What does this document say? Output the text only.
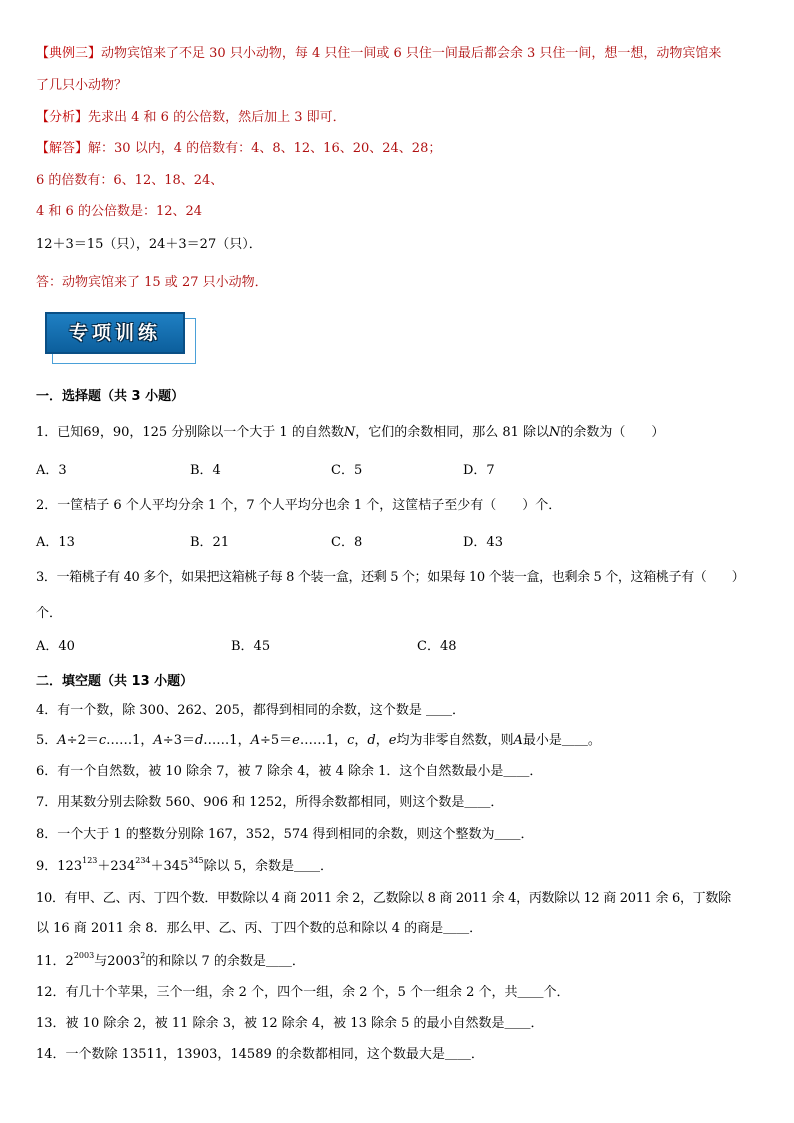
【典例三】动物宾馆来了不足 30 只小动物，每 4 只住一间或 6 只住一间最后都会余 3 只住一间，想一想，动物宾馆来
了几只小动物？
【分析】先求出 4 和 6 的公倍数，然后加上 3 即可．
【解答】解：30 以内，4 的倍数有：4、8、12、16、20、24、28；
6 的倍数有：6、12、18、24、
4 和 6 的公倍数是：12、24
12＋3＝15（只），24＋3＝27（只）．
答：动物宾馆来了 15 或 27 只小动物．
专项训练
一．选择题（共 3 小题）
1．已知69，90，125 分别除以一个大于 1 的自然数N，它们的余数相同，那么 81 除以N的余数为（　　）
A．3	B．4	C．5	D．7
2．一筐桔子 6 个人平均分余 1 个，7 个人平均分也余 1 个，这筐桔子至少有（　　）个．
A．13	B．21	C．8	D．43
3．一箱桃子有 40 多个，如果把这箱桃子每 8 个装一盒，还剩 5 个；如果每 10 个装一盒，也剩余 5 个，这箱桃子有（　　）
个．
A．40	B．45	C．48
二．填空题（共 13 小题）
4．有一个数，除 300、262、205，都得到相同的余数，这个数是 ＿＿．
5．A÷2＝c……1，A÷3＝d……1，A÷5＝e……1，c，d，e均为非零自然数，则A最小是＿＿。
6．有一个自然数，被 10 除余 7，被 7 除余 4，被 4 除余 1．这个自然数最小是＿＿．
7．用某数分别去除数 560、906 和 1252，所得余数都相同，则这个数是＿＿．
8．一个大于 1 的整数分别除 167，352，574 得到相同的余数，则这个整数为＿＿．
9．$123^{123}+234^{234}+345^{345}$除以 5，余数是＿＿．
10．有甲、乙、丙、丁四个数．甲数除以 4 商 2011 余 2，乙数除以 8 商 2011 余 4，丙数除以 12 商 2011 余 6，丁数除
以 16 商 2011 余 8．那么甲、乙、丙、丁四个数的总和除以 4 的商是＿＿．
11．$2^{2003}$与2003$^2$的和除以 7 的余数是＿＿．
12．有几十个苹果，三个一组，余 2 个，四个一组，余 2 个，5 个一组余 2 个，共＿＿个．
13．被 10 除余 2，被 11 除余 3，被 12 除余 4，被 13 除余 5 的最小自然数是＿＿．
14．一个数除 13511，13903，14589 的余数都相同，这个数最大是＿＿．
